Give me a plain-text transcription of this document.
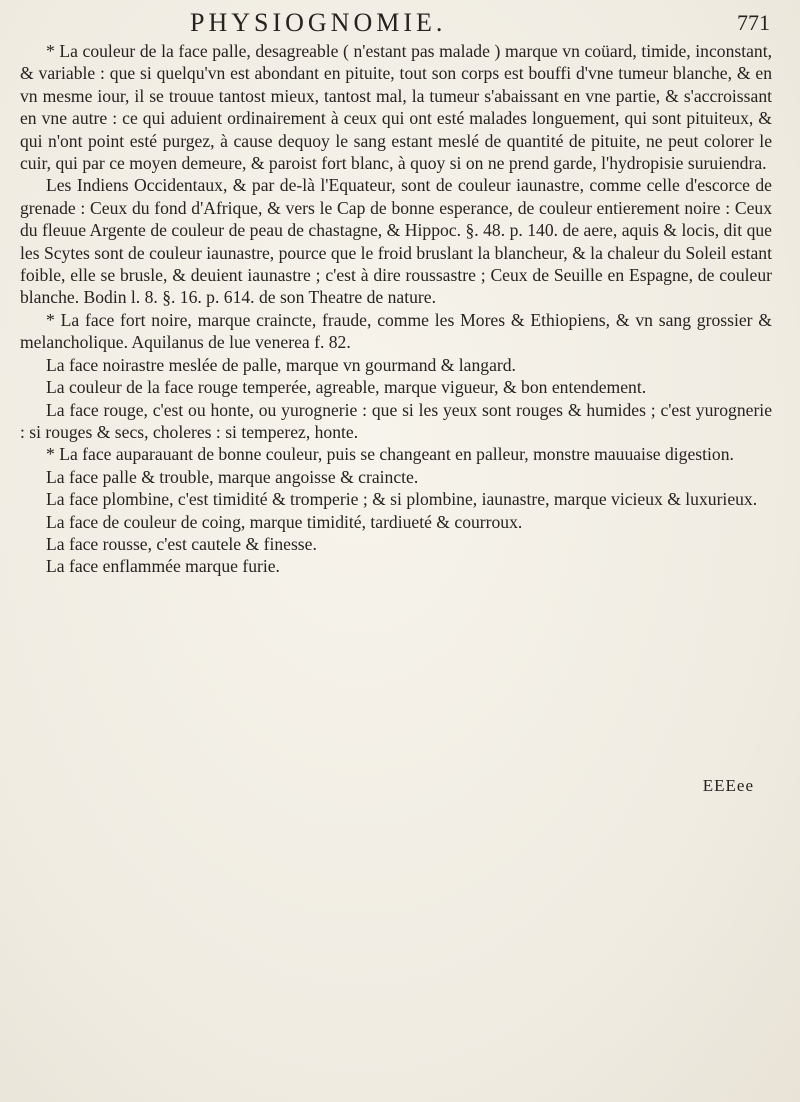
PHYSIOGNOMIE.	771

* La couleur de la face palle, desagreable ( n'estant pas malade ) marque vn coüard, timide, inconstant, & variable : que si quelqu'vn est abondant en pituite, tout son corps est bouffi d'vne tumeur blanche, & en vn mesme iour, il se trouue tantost mieux, tantost mal, la tumeur s'abaissant en vne partie, & s'accroissant en vne autre : ce qui aduient ordinairement à ceux qui ont esté malades longuement, qui sont pituiteux, & qui n'ont point esté purgez, à cause dequoy le sang estant meslé de quantité de pituite, ne peut colorer le cuir, qui par ce moyen demeure, & paroist fort blanc, à quoy si on ne prend garde, l'hydropisie suruiendra.

Les Indiens Occidentaux, & par de-là l'Equateur, sont de couleur iaunastre, comme celle d'escorce de grenade : Ceux du fond d'Afrique, & vers le Cap de bonne esperance, de couleur entierement noire : Ceux du fleuue Argente de couleur de peau de chastagne, & Hippoc. §. 48. p. 140. de aere, aquis & locis, dit que les Scytes sont de couleur iaunastre, pource que le froid bruslant la blancheur, & la chaleur du Soleil estant foible, elle se brusle, & deuient iaunastre ; c'est à dire roussastre ; Ceux de Seuille en Espagne, de couleur blanche. Bodin l. 8. §. 16. p. 614. de son Theatre de nature.

* La face fort noire, marque craincte, fraude, comme les Mores & Ethiopiens, & vn sang grossier & melancholique. Aquilanus de lue venerea f. 82.

La face noirastre meslée de palle, marque vn gourmand & langard.

La couleur de la face rouge temperée, agreable, marque vigueur, & bon entendement.

La face rouge, c'est ou honte, ou yurognerie : que si les yeux sont rouges & humides ; c'est yurognerie : si rouges & secs, choleres : si temperez, honte.

* La face auparauant de bonne couleur, puis se changeant en palleur, monstre mauuaise digestion.

La face palle & trouble, marque angoisse & craincte.

La face plombine, c'est timidité & tromperie ; & si plombine, iaunastre, marque vicieux & luxurieux.

La face de couleur de coing, marque timidité, tardiueté & courroux.

La face rousse, c'est cautele & finesse.

La face enflammée marque furie.

EEEee
